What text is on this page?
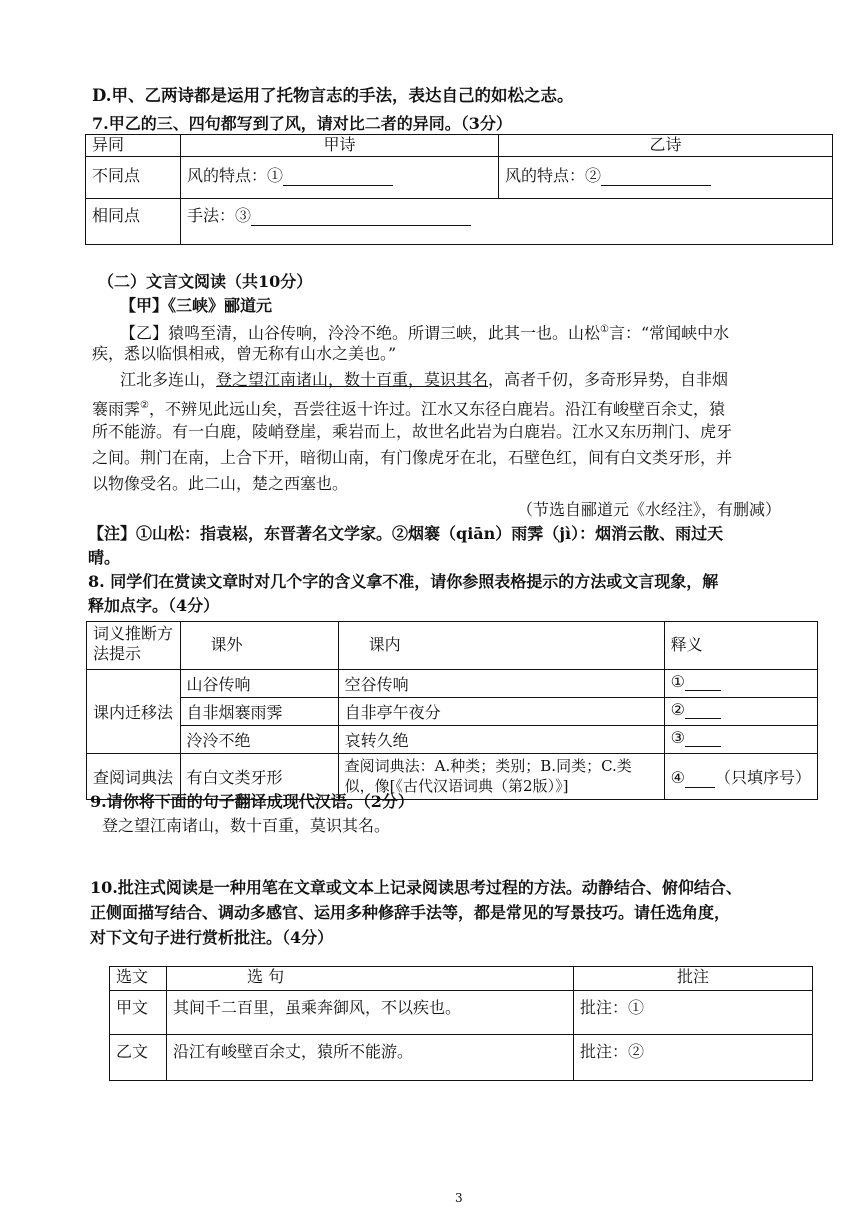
D.甲、乙两诗都是运用了托物言志的手法，表达自己的如松之志。
7.甲乙的三、四句都写到了风，请对比二者的异同。（3分）
异同	甲诗	乙诗
不同点	风的特点：①	风的特点：②
相同点	手法：③	
（二）文言文阅读（共10分）
【甲】《三峡》郦道元
【乙】猿鸣至清，山谷传响，泠泠不绝。所谓三峡，此其一也。山松①言：“常闻峡中水
疾，悉以临惧相戒，曾无称有山水之美也。”
江北多连山，登之望江南诸山，数十百重，莫识其名，高者千仞，多奇形异势，自非烟
褰雨霁②，不辨见此远山矣，吾尝往返十许过。江水又东径白鹿岩。沿江有峻壁百余丈，猿
所不能游。有一白鹿，陵峭登崖，乘岩而上，故世名此岩为白鹿岩。江水又东历荆门、虎牙
之间。荆门在南，上合下开，暗彻山南，有门像虎牙在北，石壁色红，间有白文类牙形，并
以物像受名。此二山，楚之西塞也。
（节选自郦道元《水经注》，有删减）
【注】①山松：指袁崧，东晋著名文学家。②烟褰（qiān）雨霁（jì）：烟消云散、雨过天
晴。
8. 同学们在赏读文章时对几个字的含义拿不准，请你参照表格提示的方法或文言现象，解
释加点字。（4分）
词义推断方法提示	课外	课内	释义
课内迁移法	山谷传响	空谷传响	①
	自非烟褰雨霁	自非亭午夜分	②
	泠泠不绝	哀转久绝	③
查阅词典法	有白文类牙形	查阅词典法：A.种类；类别；B.同类；C.类似，像[《古代汉语词典（第2版）》]	④ （只填序号）
9.请你将下面的句子翻译成现代汉语。（2分）
登之望江南诸山，数十百重，莫识其名。
10.批注式阅读是一种用笔在文章或文本上记录阅读思考过程的方法。动静结合、俯仰结合、
正侧面描写结合、调动多感官、运用多种修辞手法等，都是常见的写景技巧。请任选角度，
对下文句子进行赏析批注。（4分）
选文	选 句	批注
甲文	其间千二百里，虽乘奔御风，不以疾也。	批注：①
乙文	沿江有峻壁百余丈，猿所不能游。	批注：②
3
